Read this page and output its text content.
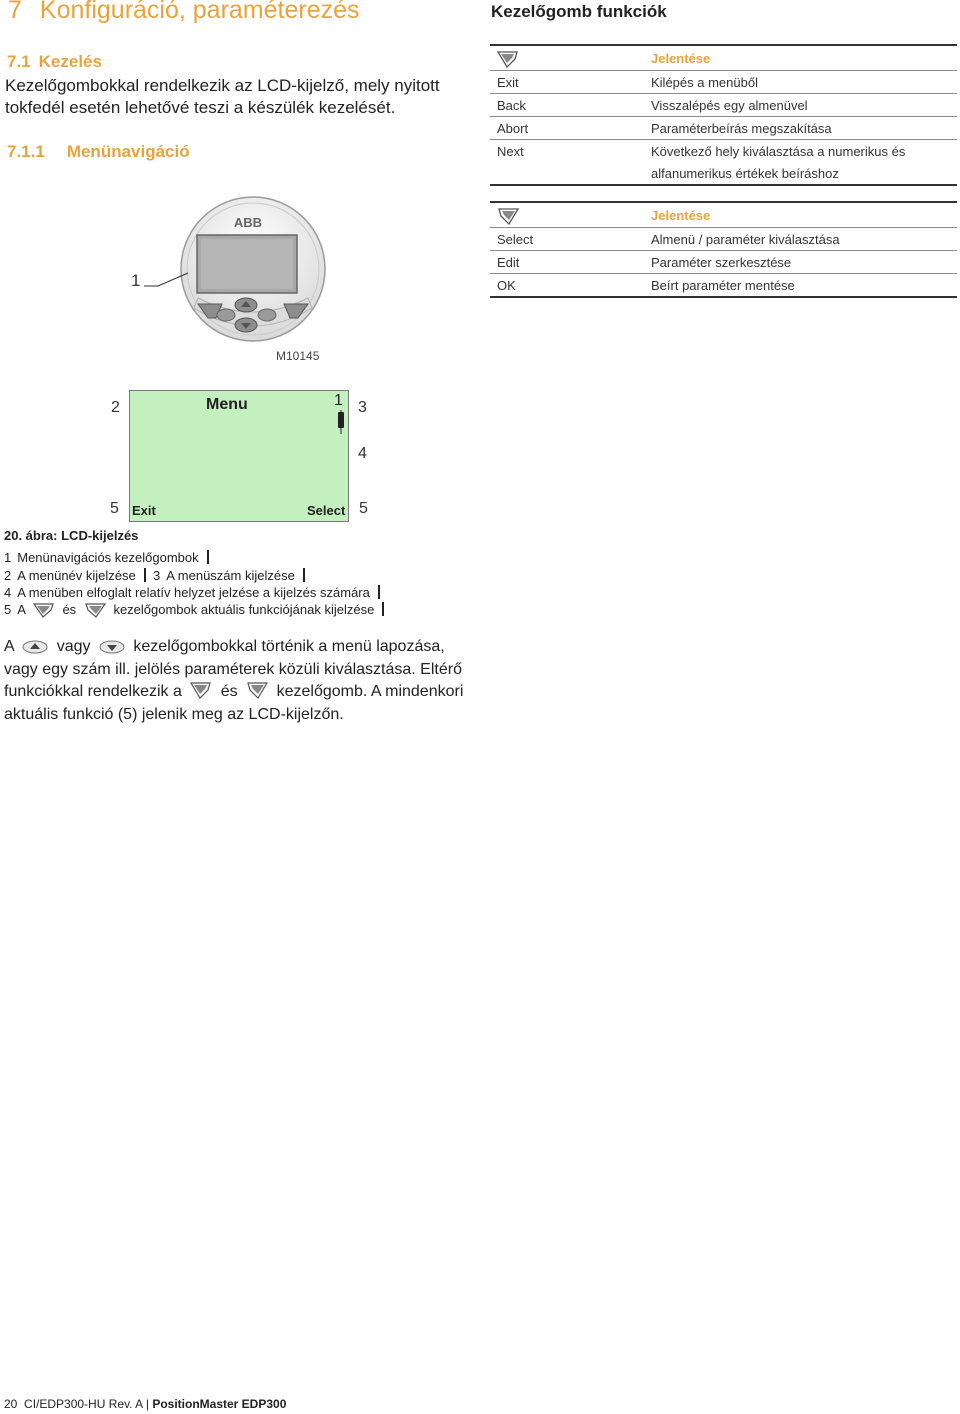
7 Konfiguráció, paraméterezés
7.1 Kezelés
Kezelőgombokkal rendelkezik az LCD-kijelző, mely nyitott tokfedél esetén lehetővé teszi a készülék kezelését.
7.1.1 Menünavigáció
Kezelőgomb funkciók
	Jelentése
Exit	Kilépés a menüből
Back	Visszalépés egy almenüvel
Abort	Paraméterbeírás megszakítása
Next	Következő hely kiválasztása a numerikus és
	alfanumerikus értékek beíráshoz
	Jelentése
Select	Almenü / paraméter kiválasztása
Edit	Paraméter szerkesztése
OK	Beírt paraméter mentése
ABB
1
M10145
Menu	1
Exit	Select
2	3
4
5	5
20. ábra: LCD-kijelzés
1 Menünavigációs kezelőgombok
2 A menünév kijelzése 3 A menüszám kijelzése
4 A menüben elfoglalt relatív helyzet jelzése a kijelzés számára
5 A	és	kezelőgombok aktuális funkciójának kijelzése
A	vagy	kezelőgombokkal történik a menü lapozása, vagy egy szám ill. jelölés paraméterek közüli kiválasztása. Eltérő funkciókkal rendelkezik a és kezelőgomb. A mindenkori aktuális funkció (5) jelenik meg az LCD-kijelzőn.
20 CI/EDP300-HU Rev. A | PositionMaster EDP300
